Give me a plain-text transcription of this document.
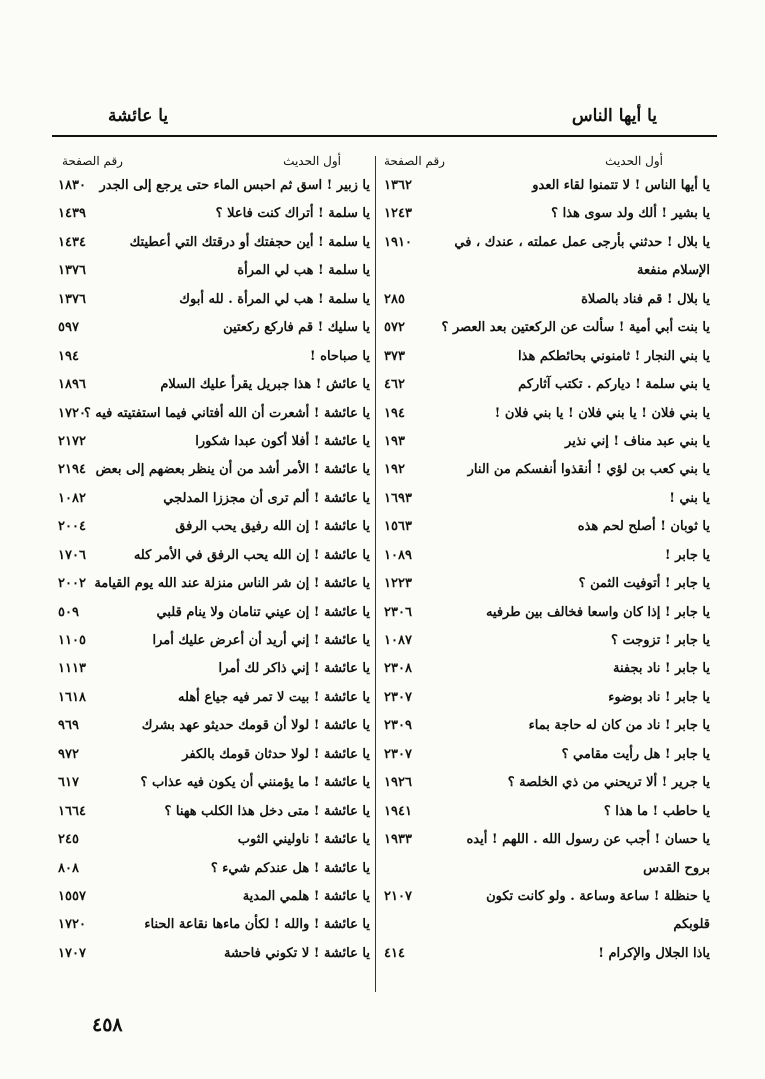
يا أيها الناس
يا عائشة
أول الحديث
رقم الصفحة
أول الحديث
رقم الصفحة
يا أيها الناس ! لا تتمنوا لقاء العدو
١٣٦٢
يا بشير ! ألك ولد سوى هذا ؟
١٢٤٣
يا بلال ! حدثني بأرجى عمل عملته ، عندك ، في
١٩١٠
الإسلام منفعة
يا بلال ! قم فناد بالصلاة
٢٨٥
يا بنت أبي أمية ! سألت عن الركعتين بعد العصر ؟
٥٧٢
يا بني النجار ! ثامنوني بحائطكم هذا
٣٧٣
يا بني سلمة ! دياركم . تكتب آثاركم
٤٦٢
يا بني فلان ! يا بني فلان ! يا بني فلان !
١٩٤
يا بني عبد مناف ! إني نذير
١٩٣
يا بني كعب بن لؤي ! أنقذوا أنفسكم من النار
١٩٢
يا بني !
١٦٩٣
يا ثوبان ! أصلح لحم هذه
١٥٦٣
يا جابر !
١٠٨٩
يا جابر ! أتوفيت الثمن ؟
١٢٢٣
يا جابر ! إذا كان واسعا فخالف بين طرفيه
٢٣٠٦
يا جابر ! تزوجت ؟
١٠٨٧
يا جابر ! ناد بجفنة
٢٣٠٨
يا جابر ! ناد بوضوء
٢٣٠٧
يا جابر ! ناد من كان له حاجة بماء
٢٣٠٩
يا جابر ! هل رأيت مقامي ؟
٢٣٠٧
يا جرير ! ألا تريحني من ذي الخلصة ؟
١٩٢٦
يا حاطب ! ما هذا ؟
١٩٤١
يا حسان ! أجب عن رسول الله . اللهم ! أيده
١٩٣٣
بروح القدس
يا حنظلة ! ساعة وساعة . ولو كانت تكون
٢١٠٧
قلوبكم
ياذا الجلال والإكرام !
٤١٤
يا زبير ! اسق ثم احبس الماء حتى يرجع إلى الجدر
١٨٣٠
يا سلمة ! أتراك كنت فاعلا ؟
١٤٣٩
يا سلمة ! أين حجفتك أو درقتك التي أعطيتك
١٤٣٤
يا سلمة ! هب لي المرأة
١٣٧٦
يا سلمة ! هب لي المرأة . لله أبوك
١٣٧٦
يا سليك ! قم فاركع ركعتين
٥٩٧
يا صباحاه !
١٩٤
يا عائش ! هذا جبريل يقرأ عليك السلام
١٨٩٦
يا عائشة ! أشعرت أن الله أفتاني فيما استفتيته فيه ؟
١٧٢٠
يا عائشة ! أفلا أكون عبدا شكورا
٢١٧٢
يا عائشة ! الأمر أشد من أن ينظر بعضهم إلى بعض
٢١٩٤
يا عائشة ! ألم ترى أن مجززا المدلجي
١٠٨٢
يا عائشة ! إن الله رفيق يحب الرفق
٢٠٠٤
يا عائشة ! إن الله يحب الرفق في الأمر كله
١٧٠٦
يا عائشة ! إن شر الناس منزلة عند الله يوم القيامة
٢٠٠٢
يا عائشة ! إن عيني تنامان ولا ينام قلبي
٥٠٩
يا عائشة ! إني أريد أن أعرض عليك أمرا
١١٠٥
يا عائشة ! إني ذاكر لك أمرا
١١١٣
يا عائشة ! بيت لا تمر فيه جياع أهله
١٦١٨
يا عائشة ! لولا أن قومك حديثو عهد بشرك
٩٦٩
يا عائشة ! لولا حدثان قومك بالكفر
٩٧٢
يا عائشة ! ما يؤمنني أن يكون فيه عذاب ؟
٦١٧
يا عائشة ! متى دخل هذا الكلب ههنا ؟
١٦٦٤
يا عائشة ! ناوليني الثوب
٢٤٥
يا عائشة ! هل عندكم شيء ؟
٨٠٨
يا عائشة ! هلمي المدية
١٥٥٧
يا عائشة ! والله ! لكأن ماءها نقاعة الحناء
١٧٢٠
يا عائشة ! لا تكوني فاحشة
١٧٠٧
٤٥٨
